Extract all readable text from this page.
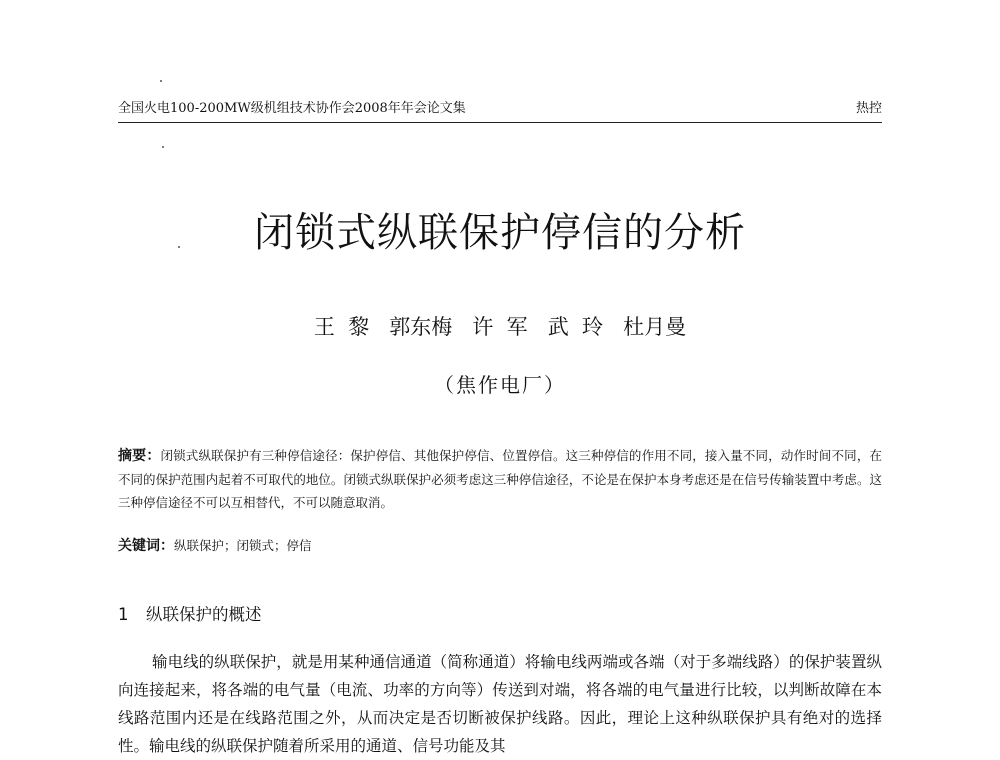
全国火电100-200MW级机组技术协作会2008年年会论文集	热控
闭锁式纵联保护停信的分析
王  黎   郭东梅   许  军   武  玲   杜月曼
（焦作电厂）
摘要：闭锁式纵联保护有三种停信途径：保护停信、其他保护停信、位置停信。这三种停信的作用不同，接入量不同，动作时间不同，在不同的保护范围内起着不可取代的地位。闭锁式纵联保护必须考虑这三种停信途径，不论是在保护本身考虑还是在信号传输装置中考虑。这三种停信途径不可以互相替代，不可以随意取消。
关键词：纵联保护；闭锁式；停信
1 纵联保护的概述
输电线的纵联保护，就是用某种通信通道（简称通道）将输电线两端或各端（对于多端线路）的保护装置纵向连接起来，将各端的电气量（电流、功率的方向等）传送到对端，将各端的电气量进行比较，以判断故障在本线路范围内还是在线路范围之外，从而决定是否切断被保护线路。因此，理论上这种纵联保护具有绝对的选择性。输电线的纵联保护随着所采用的通道、信号功能及其
